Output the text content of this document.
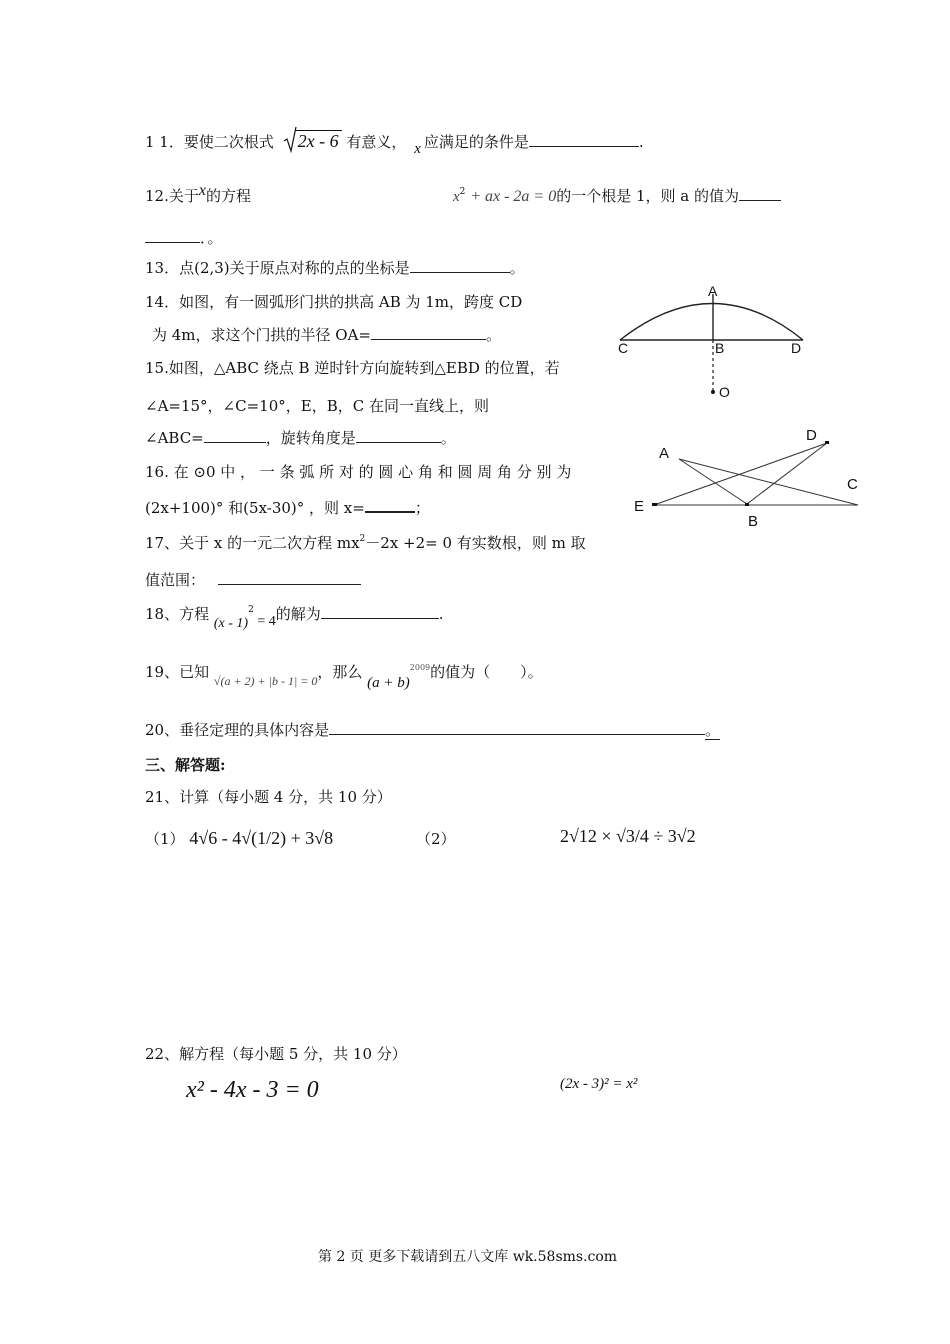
1 1．要使二次根式 2x - 6 有意义， x 应满足的条件是	.
12.关于x的方程	$x^2$ + ax - 2a = 0的一个根是 1，则 a 的值为
．。
13．点(2,3)关于原点对称的点的坐标是	。
14．如图，有一圆弧形门拱的拱高 AB 为 1m，跨度 CD
为 4m，求这个门拱的半径 OA=	。
A
C	B	D
O
15.如图，△ABC 绕点 B 逆时针方向旋转到△EBD 的位置，若
∠A=15°，∠C=10°，E，B，C 在同一直线上，则
∠ABC=	，旋转角度是	。
A
D
C
E
B
16. 在 ⊙0 中 ， 一 条 弧 所 对 的 圆 心 角 和 圆 周 角 分 别 为
(2x+100)° 和(5x-30)° ，则 x=	；
17、关于 x 的一元二次方程 $mx^2-2x +2= 0$ 有实数根，则 m 取
值范围：
18、方程 (x - 1)$^2$ = 4的解为	.
19、已知 $_{√(a + 2) + |b - 1| = 0}$，那么 $(a + b)^{2009}$的值为（　　）。
20、垂径定理的具体内容是	。
三、解答题:
21、计算（每小题 4 分，共 10 分）
（1） 4√6 - 4√(1/2) + 3√8	（2）	2√12 × √3/4 ÷ 3√2
22、解方程（每小题 5 分，共 10 分）
x² - 4x - 3 = 0	(2x - 3)² = x²
第 2 页 更多下载请到五八文库 wk.58sms.com
